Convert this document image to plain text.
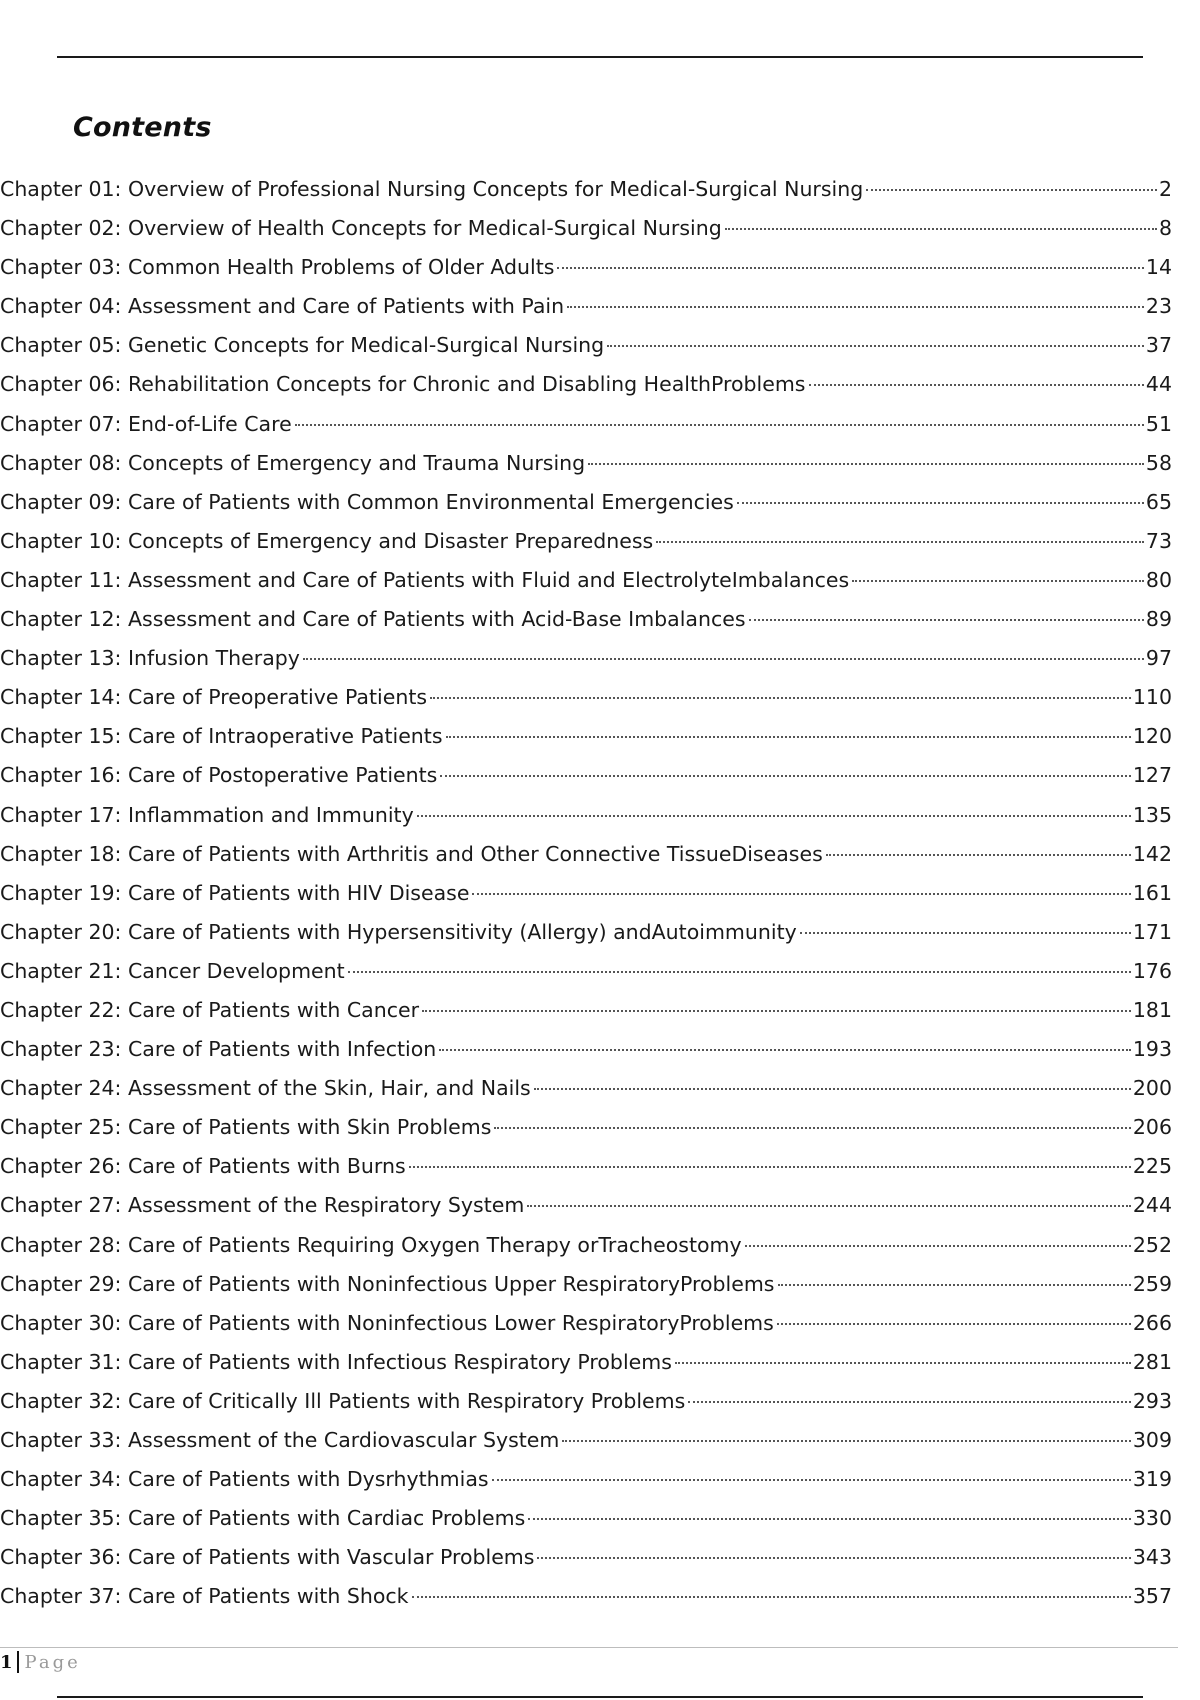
Contents
Chapter 01: Overview of Professional Nursing Concepts for Medical-Surgical Nursing	2
Chapter 02: Overview of Health Concepts for Medical-Surgical Nursing	8
Chapter 03: Common Health Problems of Older Adults	14
Chapter 04: Assessment and Care of Patients with Pain	23
Chapter 05: Genetic Concepts for Medical-Surgical Nursing	37
Chapter 06: Rehabilitation Concepts for Chronic and Disabling HealthProblems	44
Chapter 07: End-of-Life Care	51
Chapter 08: Concepts of Emergency and Trauma Nursing	58
Chapter 09: Care of Patients with Common Environmental Emergencies	65
Chapter 10: Concepts of Emergency and Disaster Preparedness	73
Chapter 11: Assessment and Care of Patients with Fluid and ElectrolyteImbalances	80
Chapter 12: Assessment and Care of Patients with Acid-Base Imbalances	89
Chapter 13: Infusion Therapy	97
Chapter 14: Care of Preoperative Patients	110
Chapter 15: Care of Intraoperative Patients	120
Chapter 16: Care of Postoperative Patients	127
Chapter 17: Inflammation and Immunity	135
Chapter 18: Care of Patients with Arthritis and Other Connective TissueDiseases	142
Chapter 19: Care of Patients with HIV Disease	161
Chapter 20: Care of Patients with Hypersensitivity (Allergy) andAutoimmunity	171
Chapter 21: Cancer Development	176
Chapter 22: Care of Patients with Cancer	181
Chapter 23: Care of Patients with Infection	193
Chapter 24: Assessment of the Skin, Hair, and Nails	200
Chapter 25: Care of Patients with Skin Problems	206
Chapter 26: Care of Patients with Burns	225
Chapter 27: Assessment of the Respiratory System	244
Chapter 28: Care of Patients Requiring Oxygen Therapy orTracheostomy	252
Chapter 29: Care of Patients with Noninfectious Upper RespiratoryProblems	259
Chapter 30: Care of Patients with Noninfectious Lower RespiratoryProblems	266
Chapter 31: Care of Patients with Infectious Respiratory Problems	281
Chapter 32: Care of Critically Ill Patients with Respiratory Problems	293
Chapter 33: Assessment of the Cardiovascular System	309
Chapter 34: Care of Patients with Dysrhythmias	319
Chapter 35: Care of Patients with Cardiac Problems	330
Chapter 36: Care of Patients with Vascular Problems	343
Chapter 37: Care of Patients with Shock	357
1 Page
